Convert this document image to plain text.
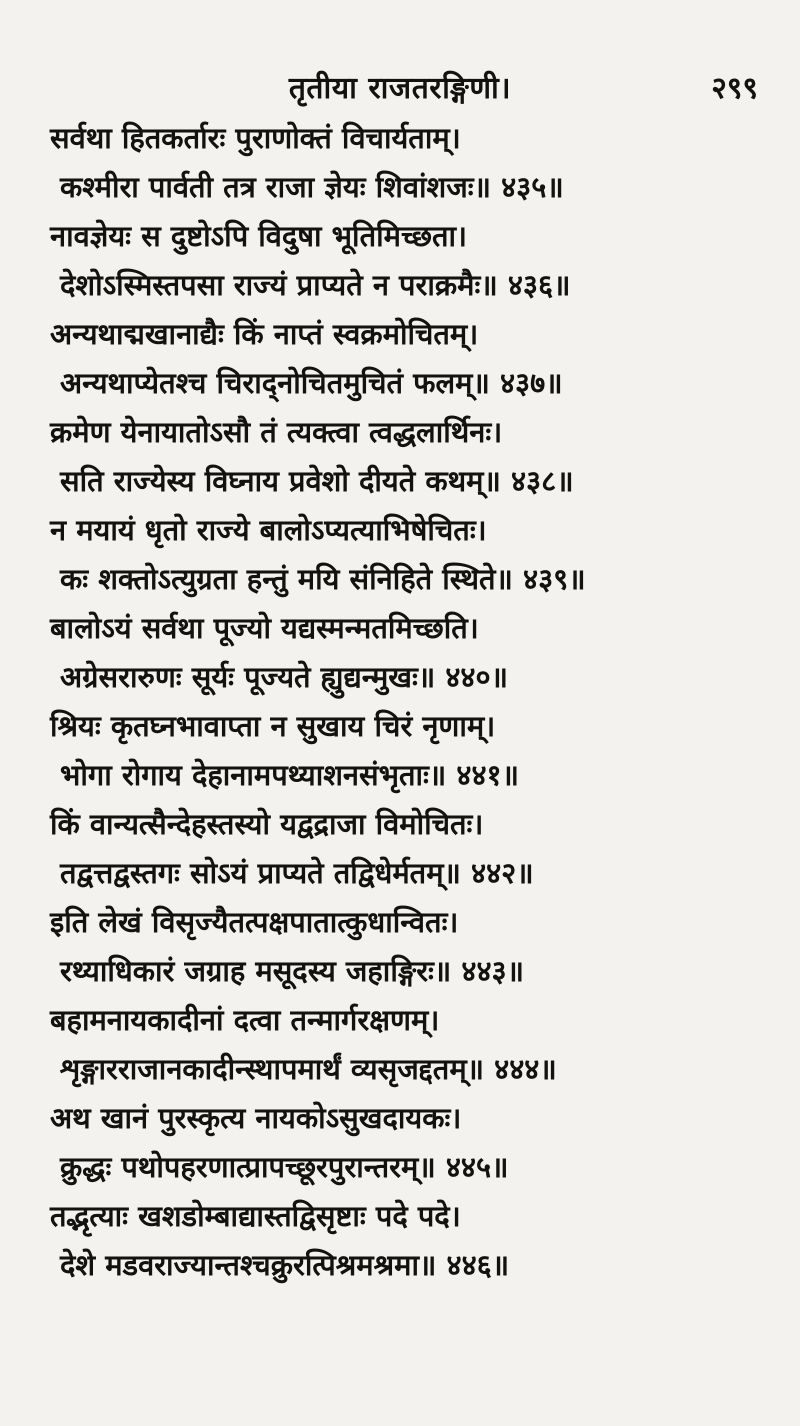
तृतीया राजतरङ्गिणी।	२९९
सर्वथा हितकर्तारः पुराणोक्तं विचार्यताम्।
कश्मीरा पार्वती तत्र राजा ज्ञेयः शिवांशजः॥ ४३५॥
नावज्ञेयः स दुष्टोऽपि विदुषा भूतिमिच्छता।
देशोऽस्मिस्तपसा राज्यं प्राप्यते न पराक्रमैः॥ ४३६॥
अन्यथाद्मखानाद्यैः किं नाप्तं स्वक्रमोचितम्।
अन्यथाप्येतश्च चिराद्नोचितमुचितं फलम्॥ ४३७॥
क्रमेण येनायातोऽसौ तं त्यक्त्वा त्वद्धलार्थिनः।
सति राज्येस्य विघ्नाय प्रवेशो दीयते कथम्॥ ४३८॥
न मयायं धृतो राज्ये बालोऽप्यत्याभिषेचितः।
कः शक्तोऽत्युग्रता हन्तुं मयि संनिहिते स्थिते॥ ४३९॥
बालोऽयं सर्वथा पूज्यो यद्यस्मन्मतमिच्छति।
अग्रेसरारुणः सूर्यः पूज्यते ह्युद्यन्मुखः॥ ४४०॥
श्रियः कृतघ्नभावाप्ता न सुखाय चिरं नृणाम्।
भोगा रोगाय देहानामपथ्याशनसंभृताः॥ ४४१॥
किं वान्यत्सैन्देहस्तस्यो यद्वद्राजा विमोचितः।
तद्वत्तद्वस्तगः सोऽयं प्राप्यते तद्विधेर्मतम्॥ ४४२॥
इति लेखं विसृज्यैतत्पक्षपातात्कुधान्वितः।
रथ्याधिकारं जग्राह मसूदस्य जहाङ्गिरः॥ ४४३॥
बहामनायकादीनां दत्वा तन्मार्गरक्षणम्।
शृङ्गारराजानकादीन्स्थापमार्थं व्यसृजद्दतम्॥ ४४४॥
अथ खानं पुरस्कृत्य नायकोऽसुखदायकः।
क्रुद्धः पथोपहरणात्प्रापच्छूरपुरान्तरम्॥ ४४५॥
तद्भृत्याः खशडोम्बाद्यास्तद्विसृष्टाः पदे पदे।
देशे मडवराज्यान्तश्चक्रुरत्पिश्रमश्रमा॥ ४४६॥
